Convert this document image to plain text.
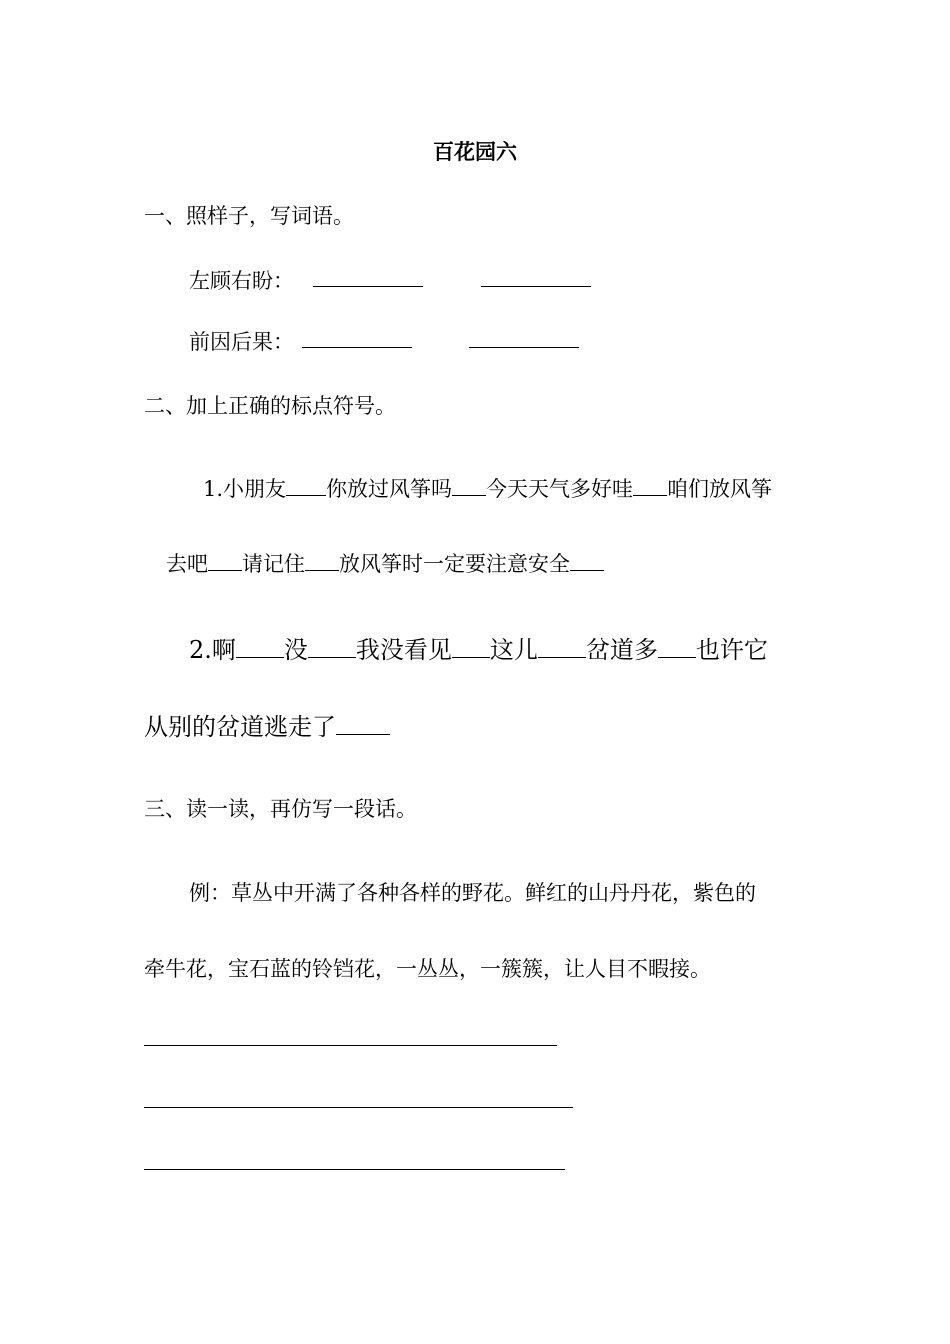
百花园六
一、照样子，写词语。
左顾右盼：
前因后果：
二、加上正确的标点符号。
1.小朋友 你放过风筝吗 今天天气多好哇 咱们放风筝
去吧 请记住 放风筝时一定要注意安全
2.啊 没 我没看见 这儿 岔道多 也许它
从别的岔道逃走了
三、读一读，再仿写一段话。
例：草丛中开满了各种各样的野花。鲜红的山丹丹花，紫色的
牵牛花，宝石蓝的铃铛花，一丛丛，一簇簇，让人目不暇接。
